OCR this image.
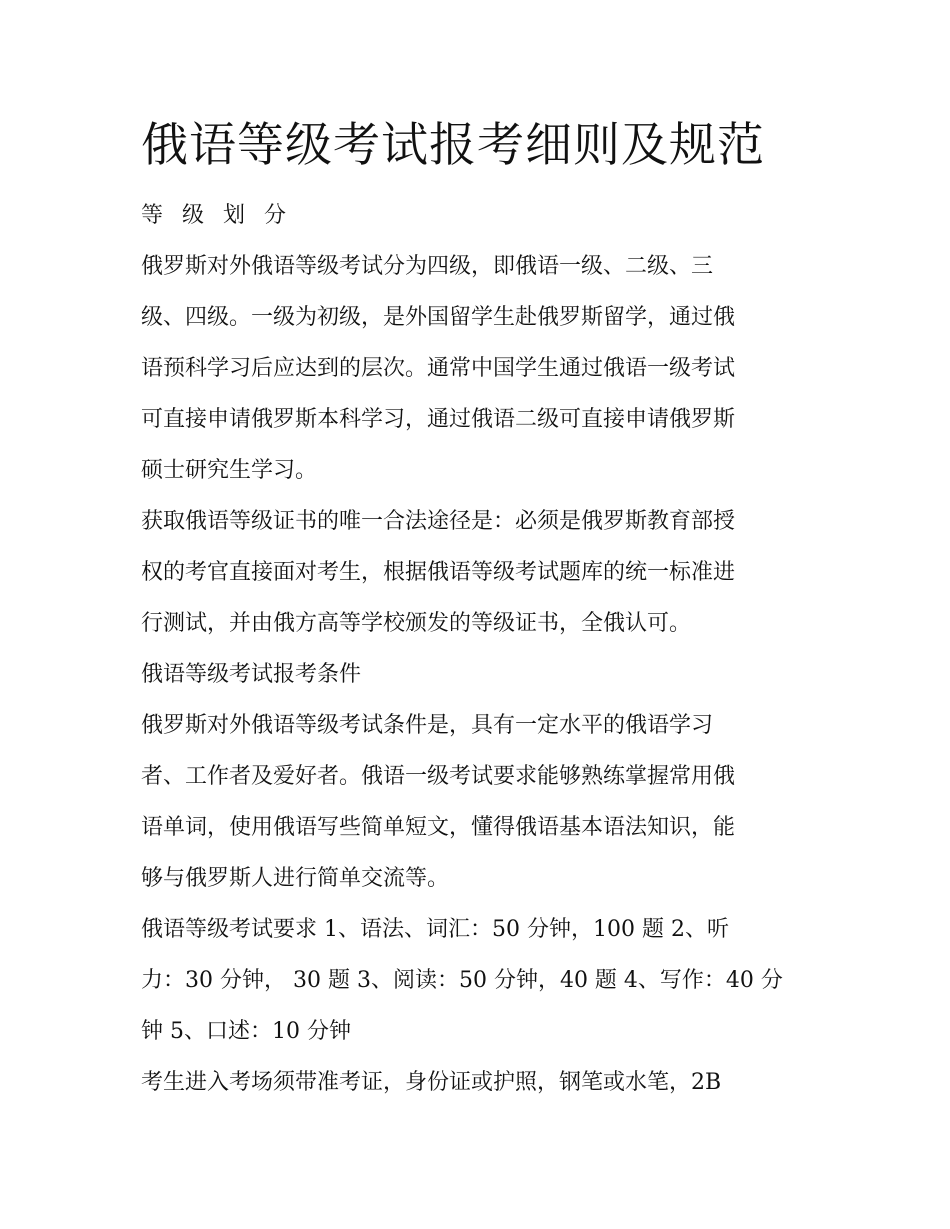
俄语等级考试报考细则及规范
等 级 划 分
俄罗斯对外俄语等级考试分为四级，即俄语一级、二级、三
级、四级。一级为初级，是外国留学生赴俄罗斯留学，通过俄
语预科学习后应达到的层次。通常中国学生通过俄语一级考试
可直接申请俄罗斯本科学习，通过俄语二级可直接申请俄罗斯
硕士研究生学习。
获取俄语等级证书的唯一合法途径是：必须是俄罗斯教育部授
权的考官直接面对考生，根据俄语等级考试题库的统一标准进
行测试，并由俄方高等学校颁发的等级证书，全俄认可。
俄语等级考试报考条件
俄罗斯对外俄语等级考试条件是，具有一定水平的俄语学习
者、工作者及爱好者。俄语一级考试要求能够熟练掌握常用俄
语单词，使用俄语写些简单短文，懂得俄语基本语法知识，能
够与俄罗斯人进行简单交流等。
俄语等级考试要求 1、语法、词汇：50 分钟，100 题 2、听
力：30 分钟， 30 题 3、阅读：50 分钟，40 题 4、写作：40 分
钟 5、口述：10 分钟
考生进入考场须带准考证，身份证或护照，钢笔或水笔，2B
